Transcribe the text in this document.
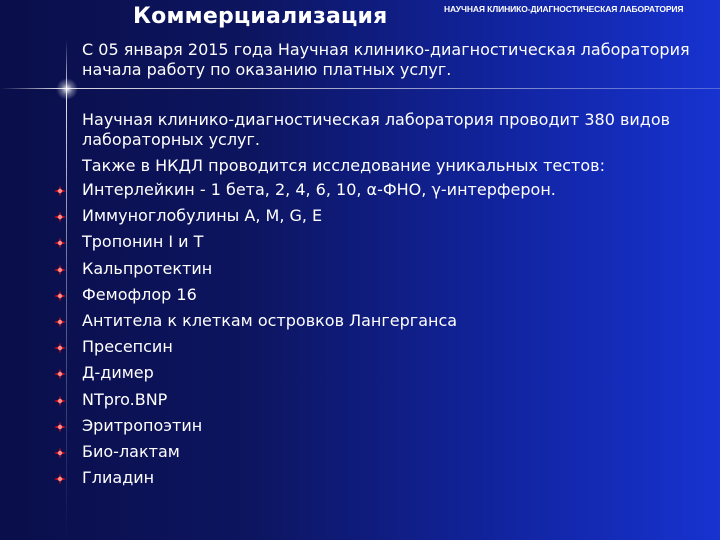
Коммерциализация	НАУЧНАЯ КЛИНИКО-ДИАГНОСТИЧЕСКАЯ ЛАБОРАТОРИЯ
С 05 января 2015 года Научная клинико-диагностическая лаборатория начала работу по оказанию платных услуг.
Научная клинико-диагностическая лаборатория проводит 380 видов лабораторных услуг.
Также в НКДЛ проводится исследование уникальных тестов:
Интерлейкин - 1 бета, 2, 4, 6, 10, α-ФНО, γ-интерферон.
Иммуноглобулины А, M, G, E
Тропонин I и T
Кальпротектин
Фемофлор 16
Антитела к клеткам островков Лангерганса
Пресепсин
Д-димер
NTpro.BNP
Эритропоэтин
Био-лактам
Глиадин
